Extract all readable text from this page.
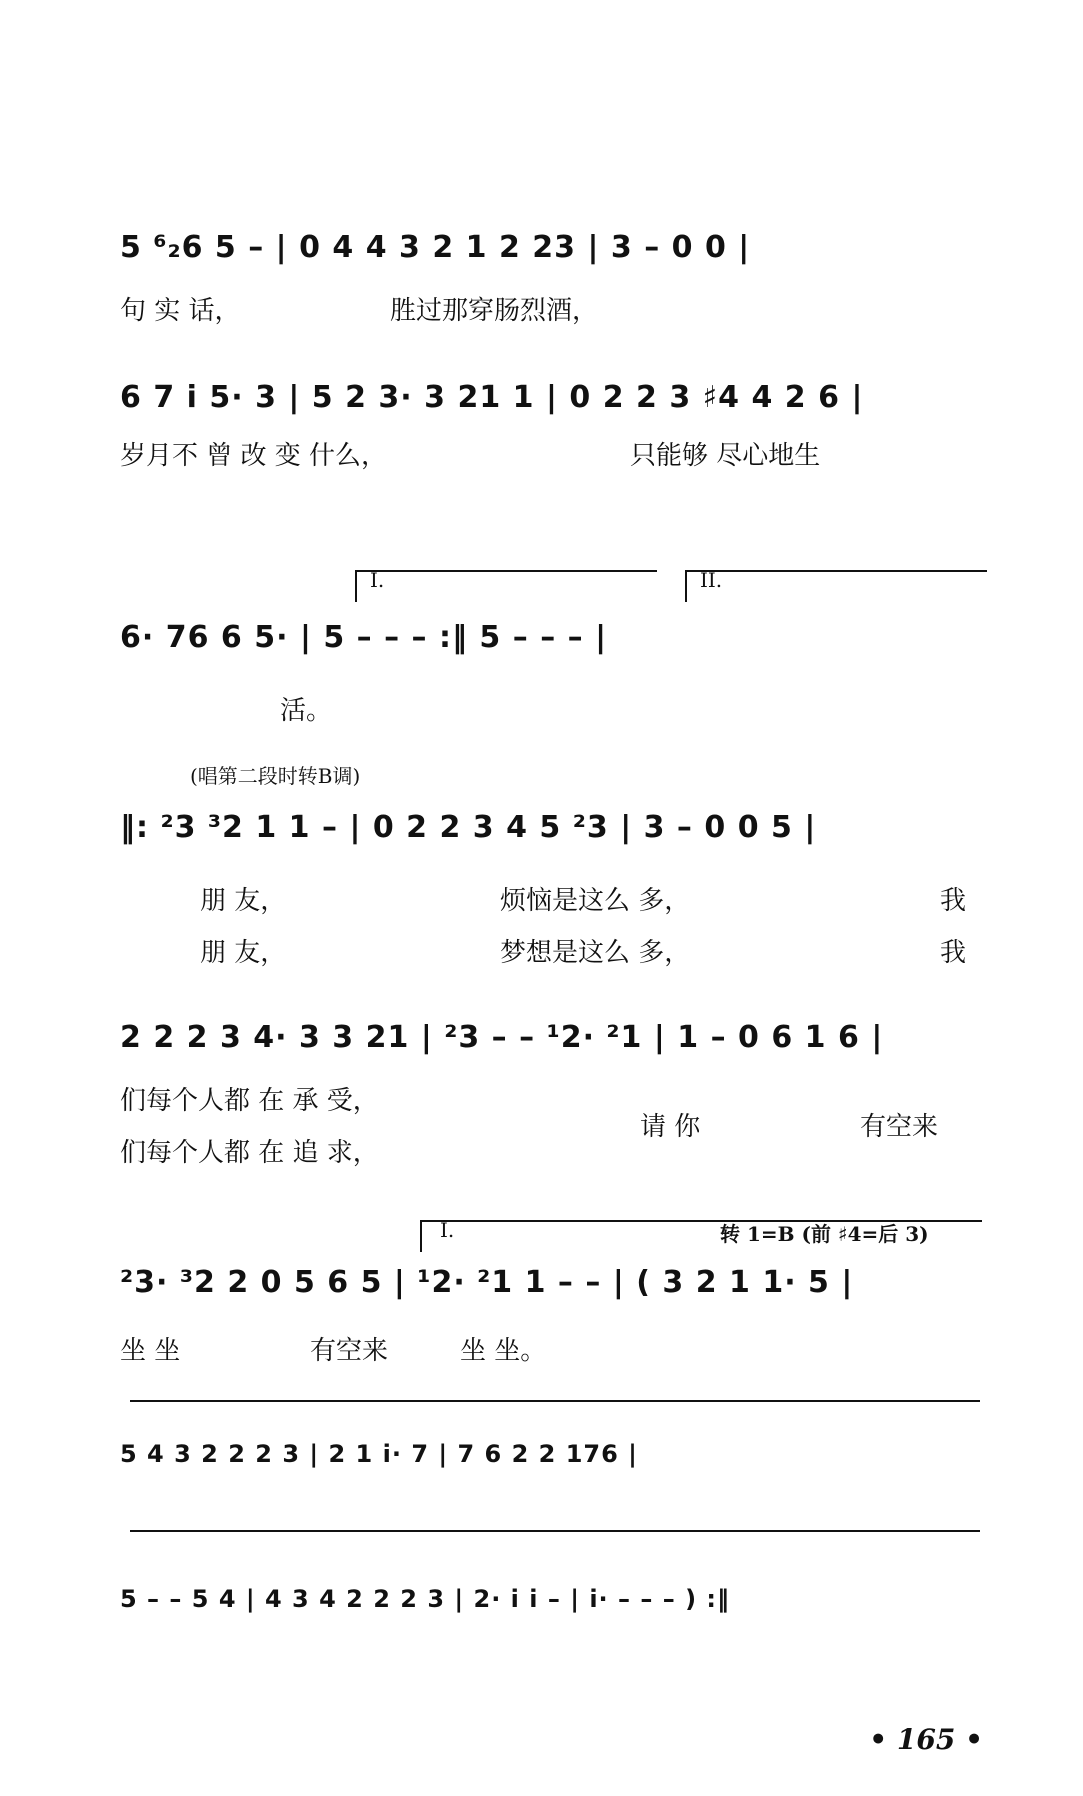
5 ⁶₂6 5 – | 0 4 4 3 2 1 2 23 | 3 – 0 0 |
句 实 话，	胜过那穿肠烈酒，
6 7 i 5· 3 | 5 2 3· 3 21 1 | 0 2 2 3 ♯4 4 2 6 |
岁月不 曾 改 变 什么，	只能够 尽心地生
I.	II.
6· 76 6 5· | 5 – – – :‖ 5 – – – |
活。
(唱第二段时转B调)
‖: ²3 ³2 1 1 – | 0 2 2 3 4 5 ²3 | 3 – 0 0 5 |
朋 友，	烦恼是这么 多，	我
朋 友，	梦想是这么 多，	我
2 2 2 3 4· 3 3 21 | ²3 – – ¹2· ²1 | 1 – 0 6 1 6 |
们每个人都 在 承 受，
们每个人都 在 追 求，
请 你	有空来
I.	转 1=B (前 ♯4=后 3)
²3· ³2 2 0 5 6 5 | ¹2· ²1 1 – – | ( 3 2 1 1· 5 |
坐 坐	有空来	坐 坐。
5 4 3 2 2 2 3 | 2 1 i· 7 | 7 6 2 2 176 |
5 – – 5 4 | 4 3 4 2 2 2 3 | 2· i i – | i· – – – ) :‖
• 165 •
